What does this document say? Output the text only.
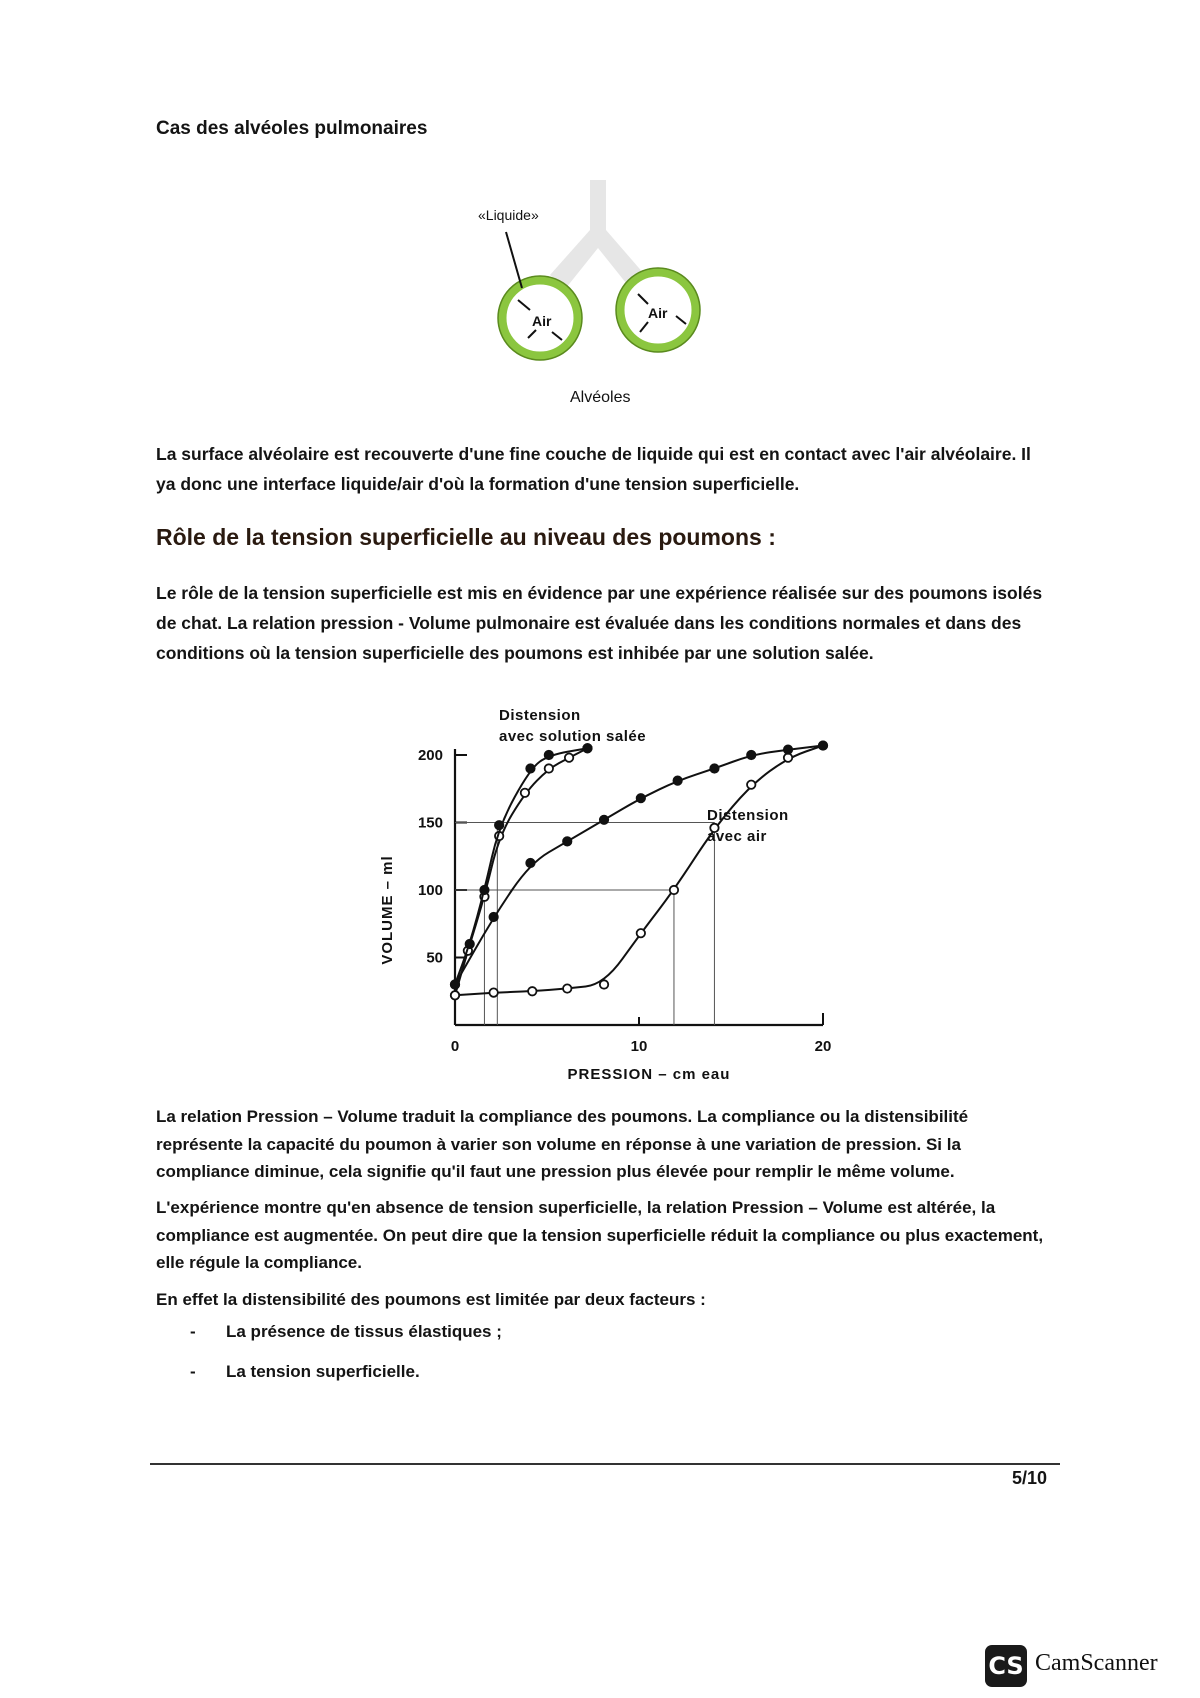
Cas des alvéoles pulmonaires
«Liquide»
Air	Air
Alvéoles
La surface alvéolaire est recouverte d'une fine couche de liquide qui est en contact avec l'air alvéolaire. Il ya donc une interface liquide/air d'où la formation d'une tension superficielle.
Rôle de la tension superficielle au niveau des poumons :
Le rôle de la tension superficielle est mis en évidence par une expérience réalisée sur des poumons isolés de chat. La relation pression - Volume pulmonaire est évaluée dans les conditions normales et dans des conditions où la tension superficielle des poumons est inhibée par une solution salée.
50
100
150
200
0	10	20
PRESSION – cm eau
VOLUME – ml
Distension
avec solution salée
Distension
avec air
La relation Pression – Volume traduit la compliance des poumons. La compliance ou la distensibilité représente la capacité du poumon à varier son volume en réponse à une variation de pression. Si la compliance diminue, cela signifie qu'il faut une pression plus élevée pour remplir le même volume.
L'expérience montre qu'en absence de tension superficielle, la relation Pression – Volume est altérée, la compliance est augmentée. On peut dire que la tension superficielle réduit la compliance ou plus exactement, elle régule la compliance.
En effet la distensibilité des poumons est limitée par deux facteurs :
- La présence de tissus élastiques ;
- La tension superficielle.
5/10
CS CamScanner
